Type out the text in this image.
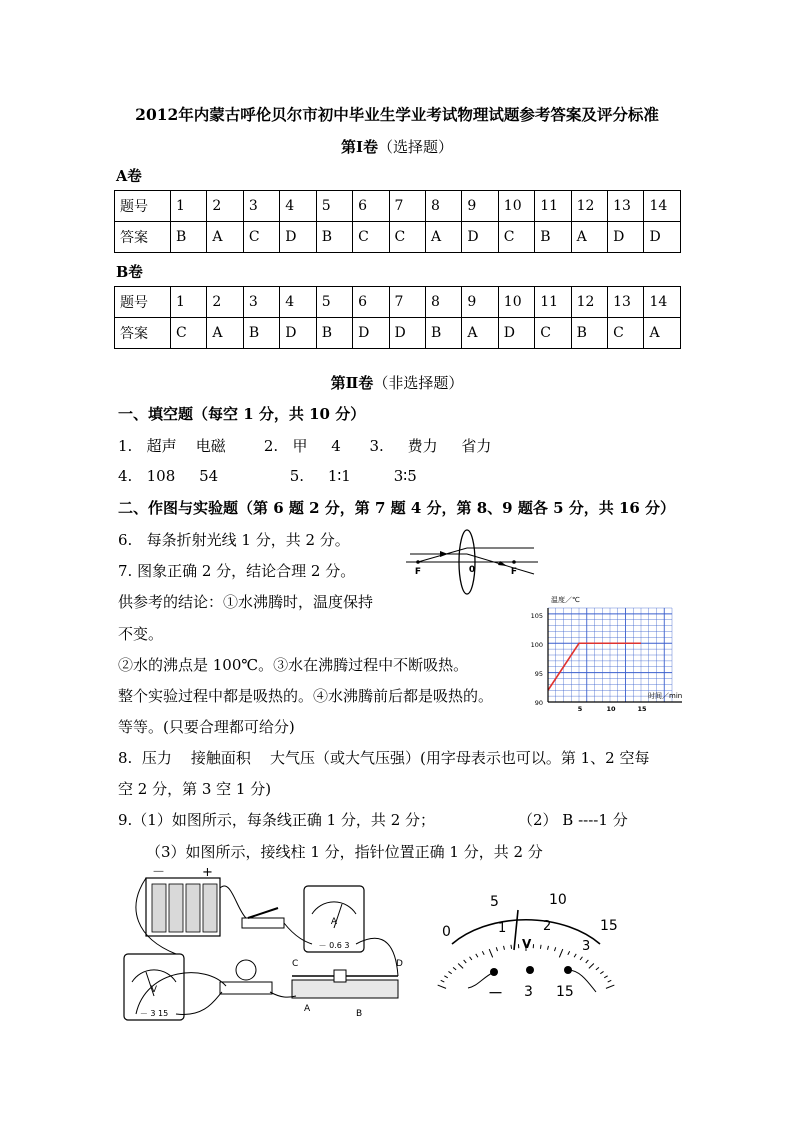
2012年内蒙古呼伦贝尔市初中毕业生学业考试物理试题参考答案及评分标准
第Ⅰ卷（选择题）
A卷
题号	1	2	3	4	5	6	7	8	9	10	11	12	13	14
答案	B	A	C	D	B	C	C	A	D	C	B	A	D	D
B卷
题号	1	2	3	4	5	6	7	8	9	10	11	12	13	14
答案	C	A	B	D	B	D	D	B	A	D	C	B	C	A
第Ⅱ卷（非选择题）
一、填空题（每空 1 分，共 10 分）
1.   超声    电磁        2.   甲     4      3.     费力     省力
4.   108     54               5.     1∶1         3∶5
二、作图与实验题（第 6 题 2 分，第 7 题 4 分，第 8、9 题各 5 分，共 16 分）
6.   每条折射光线 1 分，共 2 分。
7. 图象正确 2 分，结论合理 2 分。
供参考的结论：①水沸腾时，温度保持
不变。
②水的沸点是 100℃。③水在沸腾过程中不断吸热。
整个实验过程中都是吸热的。④水沸腾前后都是吸热的。
等等。(只要合理都可给分)
8.  压力    接触面积    大气压（或大气压强）(用字母表示也可以。第 1、2 空每
空 2 分，第 3 空 1 分)
9.（1）如图所示，每条线正确 1 分，共 2 分；	（2） B ----1 分
（3）如图所示，接线柱 1 分，指针位置正确 1 分，共 2 分
F	0	F
温度／℃
时间／min
105
100
95
90
5	10	15
－	+
A
－ 0.6 3
V
－ 3 15
C	D
A	B
0
5	10
15
1	2
3
V
－ 3 15
